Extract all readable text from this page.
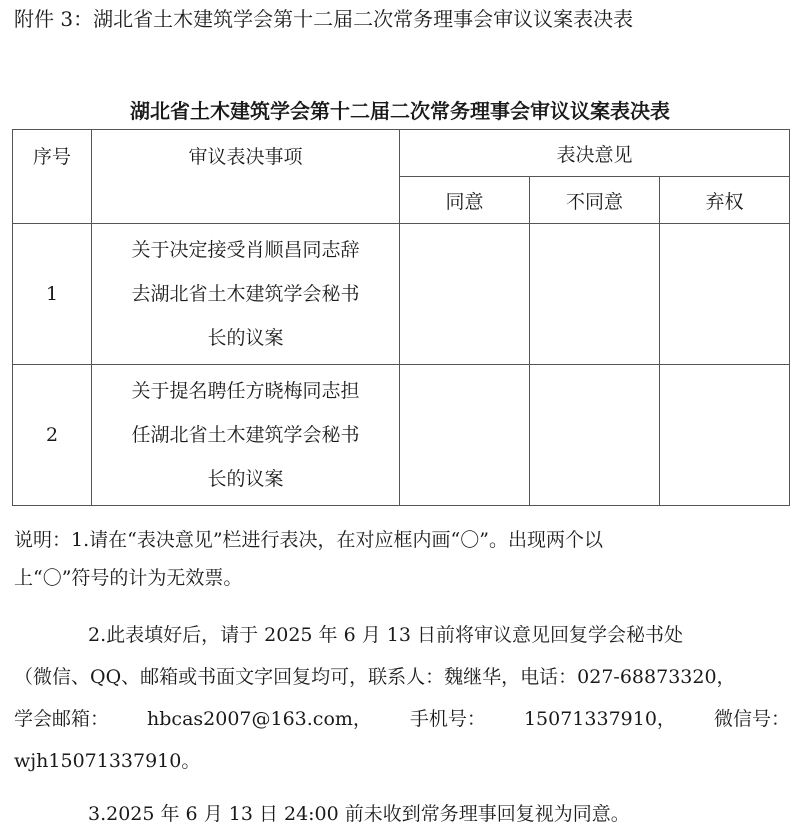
附件 3：湖北省土木建筑学会第十二届二次常务理事会审议议案表决表
湖北省土木建筑学会第十二届二次常务理事会审议议案表决表
序号	审议表决事项	表决意见		
		同意	不同意	弃权
1	关于决定接受肖顺昌同志辞
去湖北省土木建筑学会秘书
长的议案			

2	关于提名聘任方晓梅同志担
任湖北省土木建筑学会秘书
长的议案			

说明：1.请在“表决意见”栏进行表决，在对应框内画“〇”。出现两个以
上“〇”符号的计为无效票。
2.此表填好后，请于 2025 年 6 月 13 日前将审议意见回复学会秘书处
（微信、QQ、邮箱或书面文字回复均可，联系人：魏继华，电话：027-68873320，
学会邮箱： hbcas2007@163.com， 手机号： 15071337910， 微信号：
wjh15071337910。
3.2025 年 6 月 13 日 24:00 前未收到常务理事回复视为同意。
